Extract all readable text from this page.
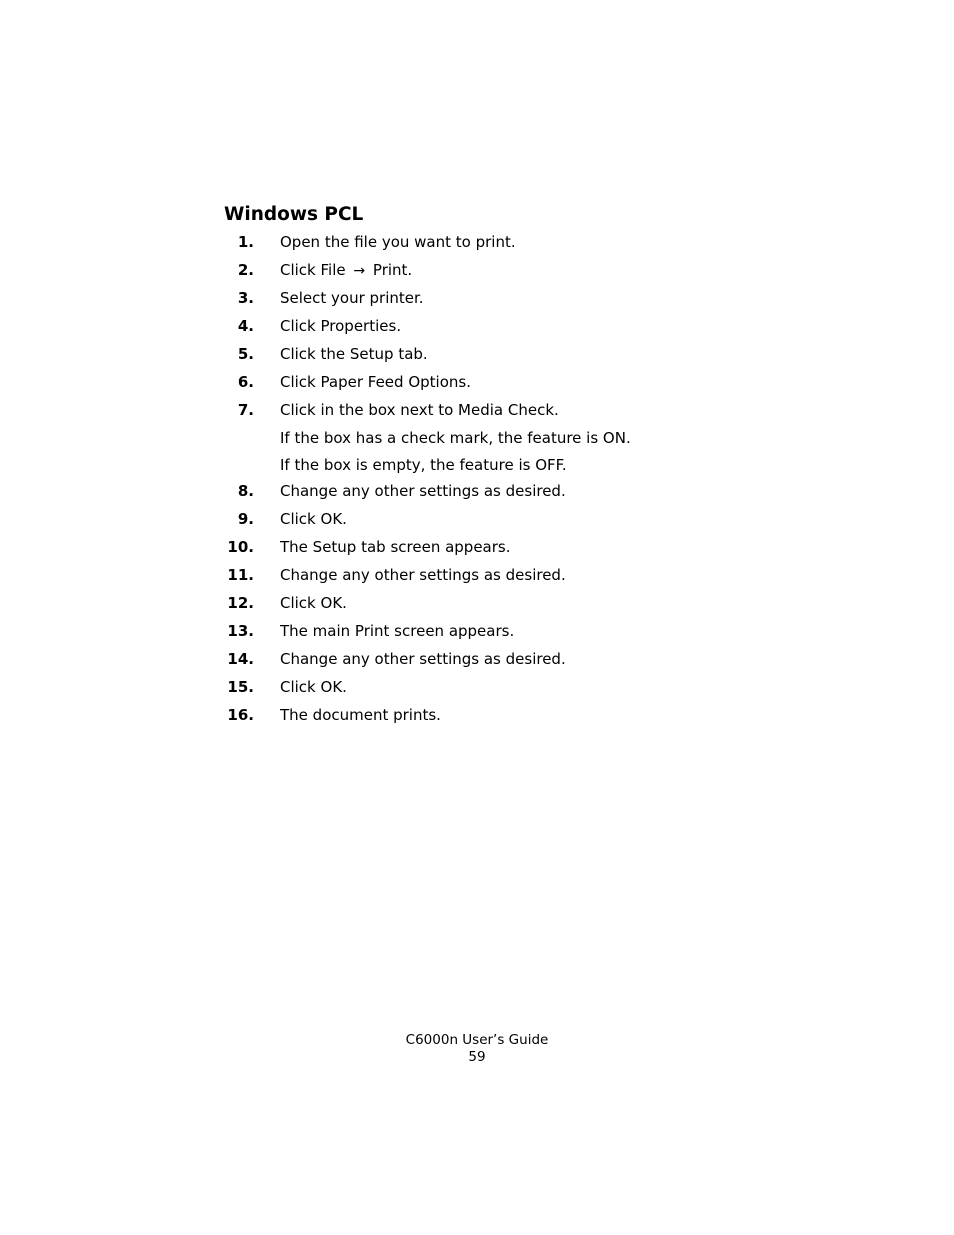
Windows PCL
1. Open the file you want to print.
2. Click File → Print.
3. Select your printer.
4. Click Properties.
5. Click the Setup tab.
6. Click Paper Feed Options.
7. Click in the box next to Media Check.
If the box has a check mark, the feature is ON.
If the box is empty, the feature is OFF.
8. Change any other settings as desired.
9. Click OK.
10. The Setup tab screen appears.
11. Change any other settings as desired.
12. Click OK.
13. The main Print screen appears.
14. Change any other settings as desired.
15. Click OK.
16. The document prints.
C6000n User’s Guide
59
